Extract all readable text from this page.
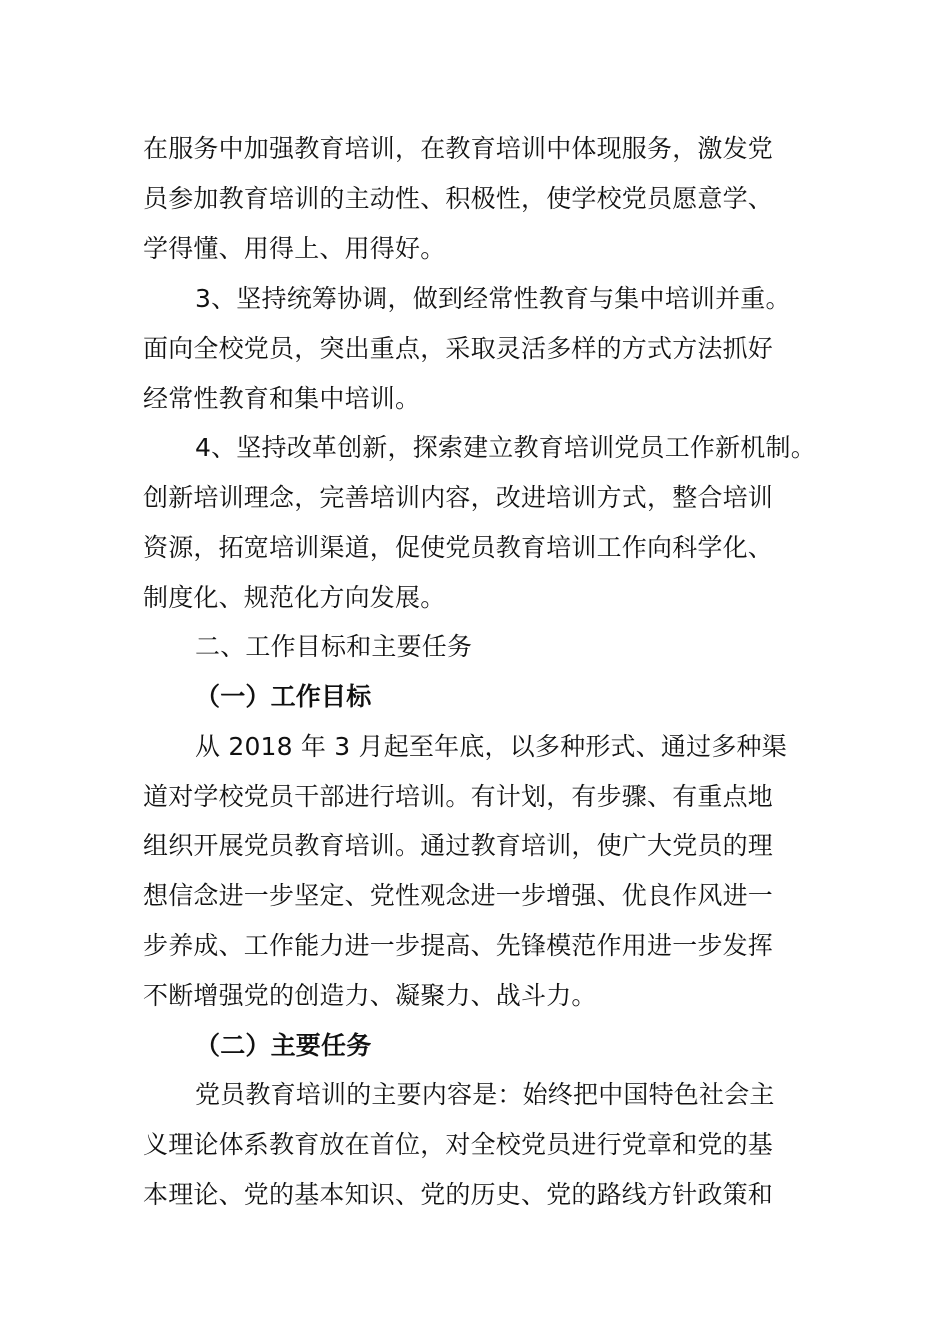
在服务中加强教育培训，在教育培训中体现服务，激发党
员参加教育培训的主动性、积极性，使学校党员愿意学、
学得懂、用得上、用得好。
3、坚持统筹协调，做到经常性教育与集中培训并重。
面向全校党员，突出重点，采取灵活多样的方式方法抓好
经常性教育和集中培训。
4、坚持改革创新，探索建立教育培训党员工作新机制。
创新培训理念，完善培训内容，改进培训方式，整合培训
资源，拓宽培训渠道，促使党员教育培训工作向科学化、
制度化、规范化方向发展。
二、工作目标和主要任务
（一）工作目标
从 2018 年 3 月起至年底，以多种形式、通过多种渠
道对学校党员干部进行培训。有计划，有步骤、有重点地
组织开展党员教育培训。通过教育培训，使广大党员的理
想信念进一步坚定、党性观念进一步增强、优良作风进一
步养成、工作能力进一步提高、先锋模范作用进一步发挥
不断增强党的创造力、凝聚力、战斗力。
（二）主要任务
党员教育培训的主要内容是：始终把中国特色社会主
义理论体系教育放在首位，对全校党员进行党章和党的基
本理论、党的基本知识、党的历史、党的路线方针政策和
